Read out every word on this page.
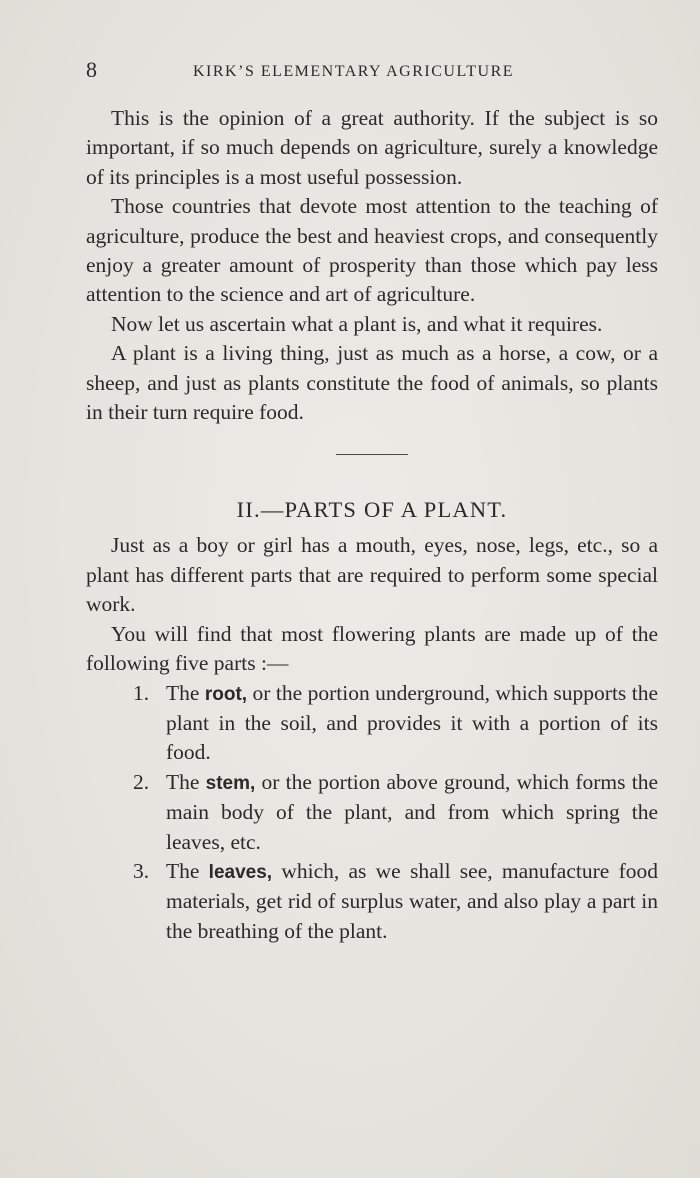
8	KIRK’S ELEMENTARY AGRICULTURE

This is the opinion of a great authority. If the subject is so important, if so much depends on agriculture, surely a knowledge of its principles is a most useful possession.

Those countries that devote most attention to the teaching of agriculture, produce the best and heaviest crops, and consequently enjoy a greater amount of prosperity than those which pay less attention to the science and art of agriculture.

Now let us ascertain what a plant is, and what it requires.

A plant is a living thing, just as much as a horse, a cow, or a sheep, and just as plants constitute the food of animals, so plants in their turn require food.

II.—PARTS OF A PLANT.

Just as a boy or girl has a mouth, eyes, nose, legs, etc., so a plant has different parts that are required to perform some special work.

You will find that most flowering plants are made up of the following five parts :—

1. The root, or the portion underground, which supports the plant in the soil, and provides it with a portion of its food.
2. The stem, or the portion above ground, which forms the main body of the plant, and from which spring the leaves, etc.
3. The leaves, which, as we shall see, manufacture food materials, get rid of surplus water, and also play a part in the breathing of the plant.
